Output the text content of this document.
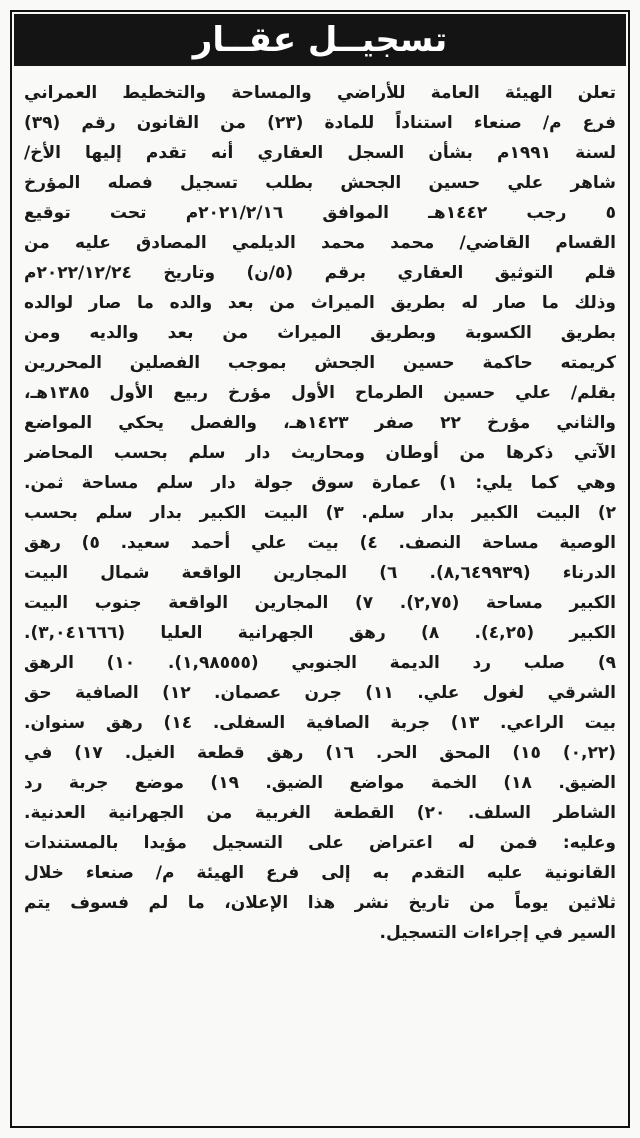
تسجيــل عقــار
تعلن الهيئة العامة للأراضي والمساحة والتخطيط العمراني
فرع م/ صنعاء استناداً للمادة (٢٣) من القانون رقم (٣٩)
لسنة ١٩٩١م بشأن السجل العقاري أنه تقدم إليها الأخ/
شاهر علي حسين الجحش بطلب تسجيل فصله المؤرخ
٥ رجب ١٤٤٢هـ الموافق ٢٠٢١/٢/١٦م تحت توقيع
القسام القاضي/ محمد محمد الديلمي المصادق عليه من
قلم التوثيق العقاري برقم (٥/ن) وتاريخ ٢٠٢٢/١٢/٢٤م
وذلك ما صار له بطريق الميراث من بعد والده ما صار لوالده
بطريق الكسوبة وبطريق الميراث من بعد والديه ومن
كريمته حاكمة حسين الجحش بموجب الفصلين المحررين
بقلم/ علي حسين الطرماح الأول مؤرخ ربيع الأول ١٣٨٥هـ،
والثاني مؤرخ ٢٢ صفر ١٤٢٣هـ، والفصل يحكي المواضع
الآتي ذكرها من أوطان ومحاريث دار سلم بحسب المحاضر
وهي كما يلي: ١) عمارة سوق جولة دار سلم مساحة ثمن.
٢) البيت الكبير بدار سلم. ٣) البيت الكبير بدار سلم بحسب
الوصية مساحة النصف. ٤) بيت علي أحمد سعيد. ٥) رهق
الدرناء (٨,٦٤٩٩٣٩). ٦) المجارين الواقعة شمال البيت
الكبير مساحة (٢,٧٥). ٧) المجارين الواقعة جنوب البيت
الكبير (٤,٢٥). ٨) رهق الجهرانية العليا (٣,٠٤١٦٦٦).
٩) صلب رد الديمة الجنوبي (١,٩٨٥٥٥). ١٠) الرهق
الشرقي لغول علي. ١١) جرن عصمان. ١٢) الصافية حق
بيت الراعي. ١٣) جربة الصافية السفلى. ١٤) رهق سنوان.
(٠,٢٢) ١٥) المحق الحر. ١٦) رهق قطعة الغيل. ١٧) في
الضيق. ١٨) الخمة مواضع الضيق. ١٩) موضع جربة رد
الشاطر السلف. ٢٠) القطعة الغربية من الجهرانية العدنية.
وعليه: فمن له اعتراض على التسجيل مؤيدا بالمستندات
القانونية عليه التقدم به إلى فرع الهيئة م/ صنعاء خلال
ثلاثين يوماً من تاريخ نشر هذا الإعلان، ما لم فسوف يتم
السير في إجراءات التسجيل.
